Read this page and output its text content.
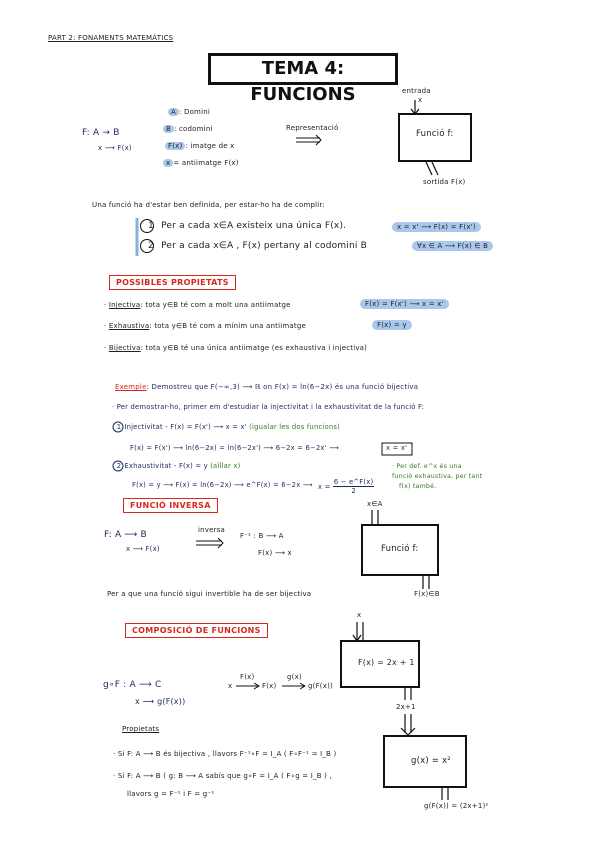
PART 2: FONAMENTS MATEMÀTICS
TEMA 4: FUNCIONS
F: A → B
x ⟶ F(x)
A : Domini
B : codomini
F(x) : imatge de x
x = antiimatge F(x)
Representació
entrada
x
Funció f:
sortida F(x)
Una funció ha d'estar ben definida, per estar-ho ha de complir:
1 Per a cada x∈A existeix una única F(x).	x = x' ⟶ F(x) = F(x')
2 Per a cada x∈A , F(x) pertany al codomini B	∀x ∈ A ⟶ F(x) ∈ B
POSSIBLES PROPIETATS
· Injectiva: tota y∈B té com a molt una antiimatge	F(x) = F(x') ⟶ x = x'
· Exhaustiva: tota y∈B té com a mínim una antiimatge	F(x) = y
· Bijectiva: tota y∈B té una única antiimatge (es exhaustiva i injectiva)
Exemple: Demostreu que F(−∞,3) ⟶ ℝ on F(x) = ln(6−2x) és una funció bijectiva
· Per demostrar-ho, primer em d'estudiar la injectivitat i la exhaustivitat de la funció F:
1 Injectivitat - F(x) = F(x') ⟶ x = x' (igualar les dos funcions)
F(x) = F(x') ⟶ ln(6−2x) = ln(6−2x') ⟶ 6−2x = 6−2x' ⟶	x = x'
2 Exhaustivitat - F(x) = y (aïllar x)
F(x) = y ⟶ F(x) = ln(6−2x) ⟶ e^F(x) = 6−2x ⟶ $x = \frac{6 - e\^{}F(x)}{2}$
· Per def. e^x és una
funció exhaustiva, per tant
f(x) també.
FUNCIÓ INVERSA
F: A ⟶ B
x ⟶ F(x)
inversa
F⁻¹ : B ⟶ A
F(x) ⟶ x
x∈A
Funció f:
F(x)∈B
Per a que una funció sigui invertible ha de ser bijectiva
COMPOSICIÓ DE FUNCIONS
g∘F : A ⟶ C
x ⟶ g(F(x))
x
F(x)
F(x)
g(x)
g(F(x))
x
F(x) = 2x + 1
2x+1
g(x) = x²
g(F(x)) = (2x+1)²
Propietats
· Si F: A ⟶ B és bijectiva , llavors F⁻¹∘F = I_A ( F∘F⁻¹ = I_B )
· Si F: A ⟶ B ( g: B ⟶ A sabís que g∘F = I_A ( F∘g = I_B ) ,
llavors g = F⁻¹ i F = g⁻¹
